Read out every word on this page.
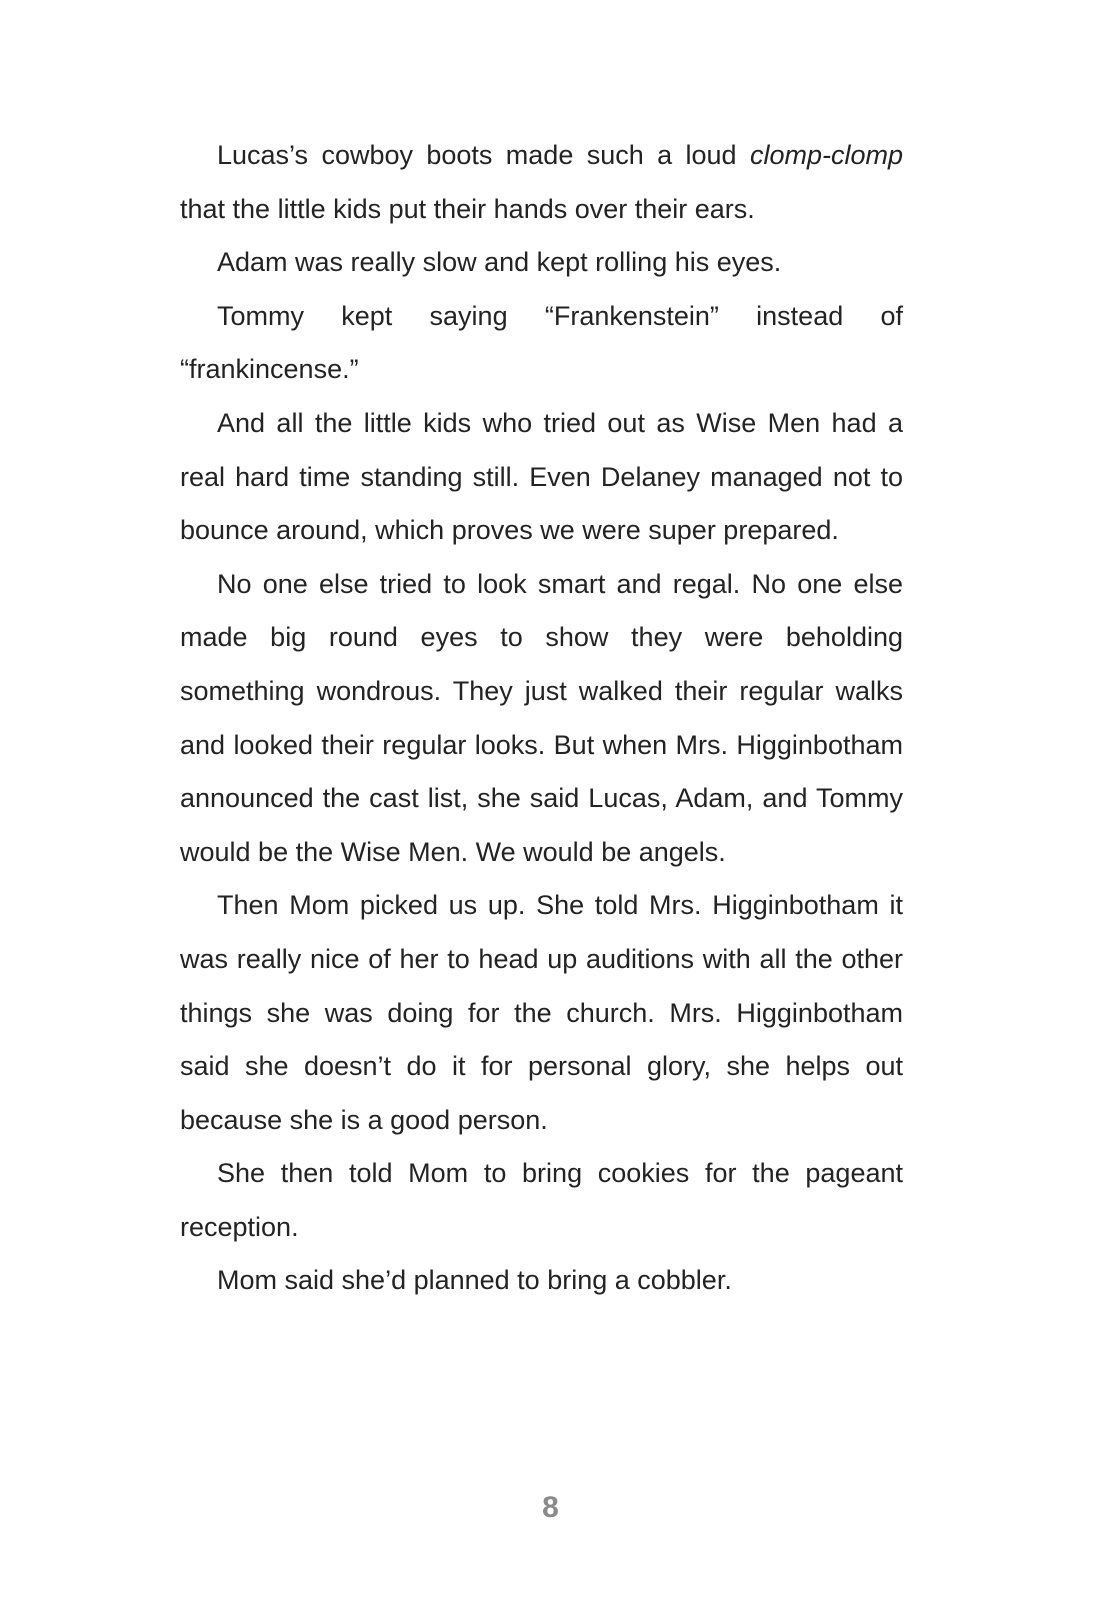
Lucas’s cowboy boots made such a loud clomp-clomp that the little kids put their hands over their ears.

Adam was really slow and kept rolling his eyes.

Tommy kept saying “Frankenstein” instead of “frankincense.”

And all the little kids who tried out as Wise Men had a real hard time standing still. Even Delaney managed not to bounce around, which proves we were super prepared.

No one else tried to look smart and regal. No one else made big round eyes to show they were beholding something wondrous. They just walked their regular walks and looked their regular looks. But when Mrs. Higginbotham announced the cast list, she said Lucas, Adam, and Tommy would be the Wise Men. We would be angels.

Then Mom picked us up. She told Mrs. Higginbotham it was really nice of her to head up auditions with all the other things she was doing for the church. Mrs. Higginbotham said she doesn’t do it for personal glory, she helps out because she is a good person.

She then told Mom to bring cookies for the pageant reception.

Mom said she’d planned to bring a cobbler.

8
